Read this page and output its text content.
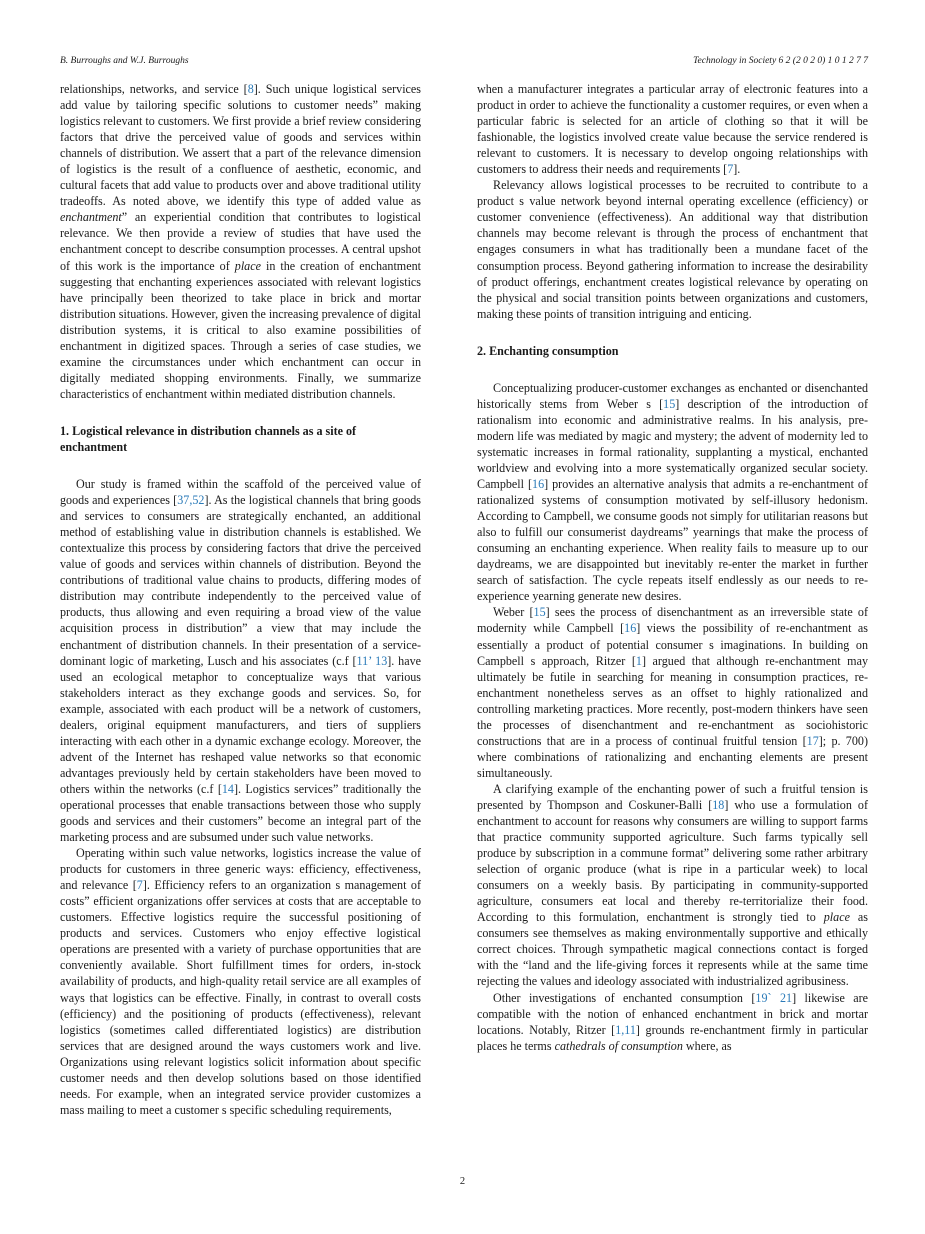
B. Burroughs and W.J. Burroughs	Technology in Society 6 2 (2 0 2 0) 1 0 1 2 7 7

relationships, networks, and service [8]. Such unique logistical services add value by tailoring specific solutions to customer needs” making logistics relevant to customers. We first provide a brief review considering factors that drive the perceived value of goods and services within channels of distribution. We assert that a part of the relevance dimension of logistics is the result of a confluence of aesthetic, economic, and cultural facets that add value to products over and above traditional utility tradeoffs. As noted above, we identify this type of added value as enchantment” an experiential condition that contributes to logistical relevance. We then provide a review of studies that have used the enchantment concept to describe consumption processes. A central upshot of this work is the importance of place in the creation of enchantment suggesting that enchanting experiences associated with relevant logistics have principally been theorized to take place in brick and mortar distribution situations. However, given the increasing prevalence of digital distribution systems, it is critical to also examine possibilities of enchantment in digitized spaces. Through a series of case studies, we examine the circumstances under which enchantment can occur in digitally mediated shopping environments. Finally, we summarize characteristics of enchantment within mediated distribution channels.

1. Logistical relevance in distribution channels as a site of enchantment

Our study is framed within the scaffold of the perceived value of goods and experiences [37,52]. As the logistical channels that bring goods and services to consumers are strategically enchanted, an additional method of establishing value in distribution channels is established. We contextualize this process by considering factors that drive the perceived value of goods and services within channels of distribution. Beyond the contributions of traditional value chains to products, differing modes of distribution may contribute independently to the perceived value of products, thus allowing and even requiring a broad view of the value acquisition process in distribution” a view that may include the enchantment of distribution channels. In their presentation of a service-dominant logic of marketing, Lusch and his associates (c.f [11’ 13]. have used an ecological metaphor to conceptualize ways that various stakeholders interact as they exchange goods and services. So, for example, associated with each product will be a network of customers, dealers, original equipment manufacturers, and tiers of suppliers interacting with each other in a dynamic exchange ecology. Moreover, the advent of the Internet has reshaped value networks so that economic advantages previously held by certain stakeholders have been moved to others within the networks (c.f [14]. Logistics services” traditionally the operational processes that enable transactions between those who supply goods and services and their customers” become an integral part of the marketing process and are subsumed under such value networks.

Operating within such value networks, logistics increase the value of products for customers in three generic ways: efficiency, effectiveness, and relevance [7]. Efficiency refers to an organization s management of costs” efficient organizations offer services at costs that are acceptable to customers. Effective logistics require the successful positioning of products and services. Customers who enjoy effective logistical operations are presented with a variety of purchase opportunities that are conveniently available. Short fulfillment times for orders, in-stock availability of products, and high-quality retail service are all examples of ways that logistics can be effective. Finally, in contrast to overall costs (efficiency) and the positioning of products (effectiveness), relevant logistics (sometimes called differentiated logistics) are distribution services that are designed around the ways customers work and live. Organizations using relevant logistics solicit information about specific customer needs and then develop solutions based on those identified needs. For example, when an integrated service provider customizes a mass mailing to meet a customer s specific scheduling requirements,

when a manufacturer integrates a particular array of electronic features into a product in order to achieve the functionality a customer requires, or even when a particular fabric is selected for an article of clothing so that it will be fashionable, the logistics involved create value because the service rendered is relevant to customers. It is necessary to develop ongoing relationships with customers to address their needs and requirements [7].

Relevancy allows logistical processes to be recruited to contribute to a product s value network beyond internal operating excellence (efficiency) or customer convenience (effectiveness). An additional way that distribution channels may become relevant is through the process of enchantment that engages consumers in what has traditionally been a mundane facet of the consumption process. Beyond gathering information to increase the desirability of product offerings, enchantment creates logistical relevance by operating on the physical and social transition points between organizations and customers, making these points of transition intriguing and enticing.

2. Enchanting consumption

Conceptualizing producer-customer exchanges as enchanted or disenchanted historically stems from Weber s [15] description of the introduction of rationalism into economic and administrative realms. In his analysis, pre-modern life was mediated by magic and mystery; the advent of modernity led to systematic increases in formal rationality, supplanting a mystical, enchanted worldview and evolving into a more systematically organized secular society. Campbell [16] provides an alternative analysis that admits a re-enchantment of rationalized systems of consumption motivated by self-illusory hedonism. According to Campbell, we consume goods not simply for utilitarian reasons but also to fulfill our consumerist daydreams” yearnings that make the process of consuming an enchanting experience. When reality fails to measure up to our daydreams, we are disappointed but inevitably re-enter the market in further search of satisfaction. The cycle repeats itself endlessly as our needs to re-experience yearning generate new desires.

Weber [15] sees the process of disenchantment as an irreversible state of modernity while Campbell [16] views the possibility of re-enchantment as essentially a product of potential consumer s imaginations. In building on Campbell s approach, Ritzer [1] argued that although re-enchantment may ultimately be futile in searching for meaning in consumption practices, re-enchantment nonetheless serves as an offset to highly rationalized and controlling marketing practices. More recently, post-modern thinkers have seen the processes of disenchantment and re-enchantment as sociohistoric constructions that are in a process of continual fruitful tension [17]; p. 700) where combinations of rationalizing and enchanting elements are present simultaneously.

A clarifying example of the enchanting power of such a fruitful tension is presented by Thompson and Coskuner-Balli [18] who use a formulation of enchantment to account for reasons why consumers are willing to support farms that practice community supported agriculture. Such farms typically sell produce by subscription in a commune format” delivering some rather arbitrary selection of organic produce (what is ripe in a particular week) to local consumers on a weekly basis. By participating in community-supported agriculture, consumers eat local and thereby re-territorialize their food. According to this formulation, enchantment is strongly tied to place as consumers see themselves as making environmentally supportive and ethically correct choices. Through sympathetic magical connections contact is forged with the “land and the life-giving forces it represents while at the same time rejecting the values and ideology associated with industrialized agribusiness.

Other investigations of enchanted consumption [19` 21] likewise are compatible with the notion of enhanced enchantment in brick and mortar locations. Notably, Ritzer [1,11] grounds re-enchantment firmly in particular places he terms cathedrals of consumption where, as

2
